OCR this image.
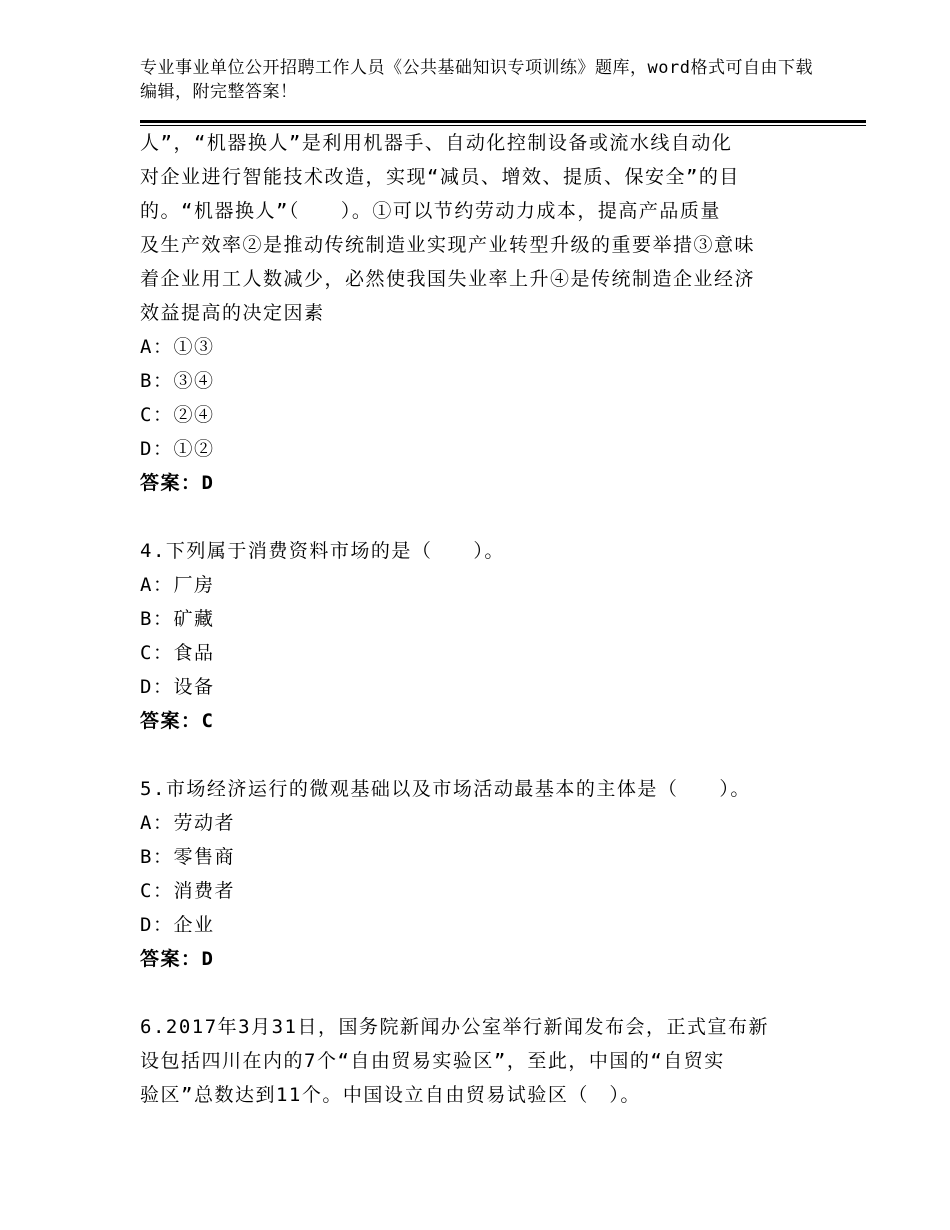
专业事业单位公开招聘工作人员《公共基础知识专项训练》题库，word格式可自由下载编辑，附完整答案！

人”，“机器换人”是利用机器手、自动化控制设备或流水线自动化

对企业进行智能技术改造，实现“减员、增效、提质、保安全”的目

的。“机器换人”（　　）。①可以节约劳动力成本，提高产品质量

及生产效率②是推动传统制造业实现产业转型升级的重要举措③意味

着企业用工人数减少，必然使我国失业率上升④是传统制造企业经济

效益提高的决定因素

A：①③

B：③④

C：②④

D：①②

答案：D

4.下列属于消费资料市场的是（　　）。

A：厂房

B：矿藏

C：食品

D：设备

答案：C

5.市场经济运行的微观基础以及市场活动最基本的主体是（　　）。

A：劳动者

B：零售商

C：消费者

D：企业

答案：D

6.2017年3月31日，国务院新闻办公室举行新闻发布会，正式宣布新

设包括四川在内的7个“自由贸易实验区”，至此，中国的“自贸实

验区”总数达到11个。中国设立自由贸易试验区（　）。
